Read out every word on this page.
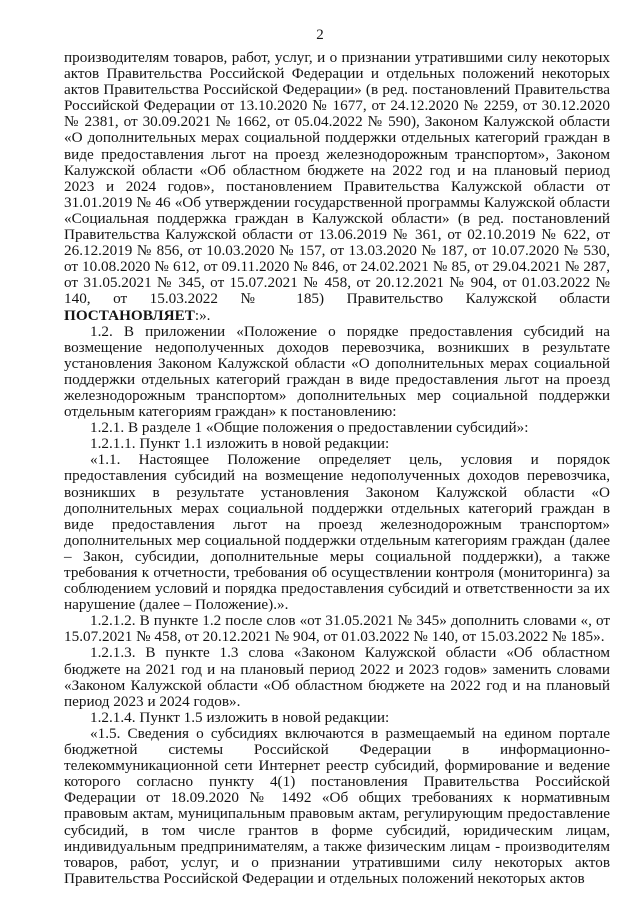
2

производителям товаров, работ, услуг, и о признании утратившими силу некоторых актов Правительства Российской Федерации и отдельных положений некоторых актов Правительства Российской Федерации» (в ред. постановлений Правительства Российской Федерации от 13.10.2020 № 1677, от 24.12.2020 № 2259, от 30.12.2020 № 2381, от 30.09.2021 № 1662, от 05.04.2022 № 590), Законом Калужской области «О дополнительных мерах социальной поддержки отдельных категорий граждан в виде предоставления льгот на проезд железнодорожным транспортом», Законом Калужской области «Об областном бюджете на 2022 год и на плановый период 2023 и 2024 годов», постановлением Правительства Калужской области от 31.01.2019 № 46 «Об утверждении государственной программы Калужской области «Социальная поддержка граждан в Калужской области» (в ред. постановлений Правительства Калужской области от 13.06.2019 № 361, от 02.10.2019 № 622, от 26.12.2019 № 856, от 10.03.2020 № 157, от 13.03.2020 № 187, от 10.07.2020 № 530, от 10.08.2020 № 612, от 09.11.2020 № 846, от 24.02.2021 № 85, от 29.04.2021 № 287, от 31.05.2021 № 345, от 15.07.2021 № 458, от 20.12.2021 № 904, от 01.03.2022 № 140, от 15.03.2022 № 185) Правительство Калужской области ПОСТАНОВЛЯЕТ:».

1.2. В приложении «Положение о порядке предоставления субсидий на возмещение недополученных доходов перевозчика, возникших в результате установления Законом Калужской области «О дополнительных мерах социальной поддержки отдельных категорий граждан в виде предоставления льгот на проезд железнодорожным транспортом» дополнительных мер социальной поддержки отдельным категориям граждан» к постановлению:

1.2.1. В разделе 1 «Общие положения о предоставлении субсидий»:

1.2.1.1. Пункт 1.1 изложить в новой редакции:

«1.1. Настоящее Положение определяет цель, условия и порядок предоставления субсидий на возмещение недополученных доходов перевозчика, возникших в результате установления Законом Калужской области «О дополнительных мерах социальной поддержки отдельных категорий граждан в виде предоставления льгот на проезд железнодорожным транспортом» дополнительных мер социальной поддержки отдельным категориям граждан (далее – Закон, субсидии, дополнительные меры социальной поддержки), а также требования к отчетности, требования об осуществлении контроля (мониторинга) за соблюдением условий и порядка предоставления субсидий и ответственности за их нарушение (далее – Положение).».

1.2.1.2. В пункте 1.2 после слов «от 31.05.2021 № 345» дополнить словами «, от 15.07.2021 № 458, от 20.12.2021 № 904, от 01.03.2022 № 140, от 15.03.2022 № 185».

1.2.1.3. В пункте 1.3 слова «Законом Калужской области «Об областном бюджете на 2021 год и на плановый период 2022 и 2023 годов» заменить словами «Законом Калужской области «Об областном бюджете на 2022 год и на плановый период 2023 и 2024 годов».

1.2.1.4. Пункт 1.5 изложить в новой редакции:

«1.5. Сведения о субсидиях включаются в размещаемый на едином портале бюджетной системы Российской Федерации в информационно-телекоммуникационной сети Интернет реестр субсидий, формирование и ведение которого согласно пункту 4(1) постановления Правительства Российской Федерации от 18.09.2020 № 1492 «Об общих требованиях к нормативным правовым актам, муниципальным правовым актам, регулирующим предоставление субсидий, в том числе грантов в форме субсидий, юридическим лицам, индивидуальным предпринимателям, а также физическим лицам - производителям товаров, работ, услуг, и о признании утратившими силу некоторых актов Правительства Российской Федерации и отдельных положений некоторых актов
